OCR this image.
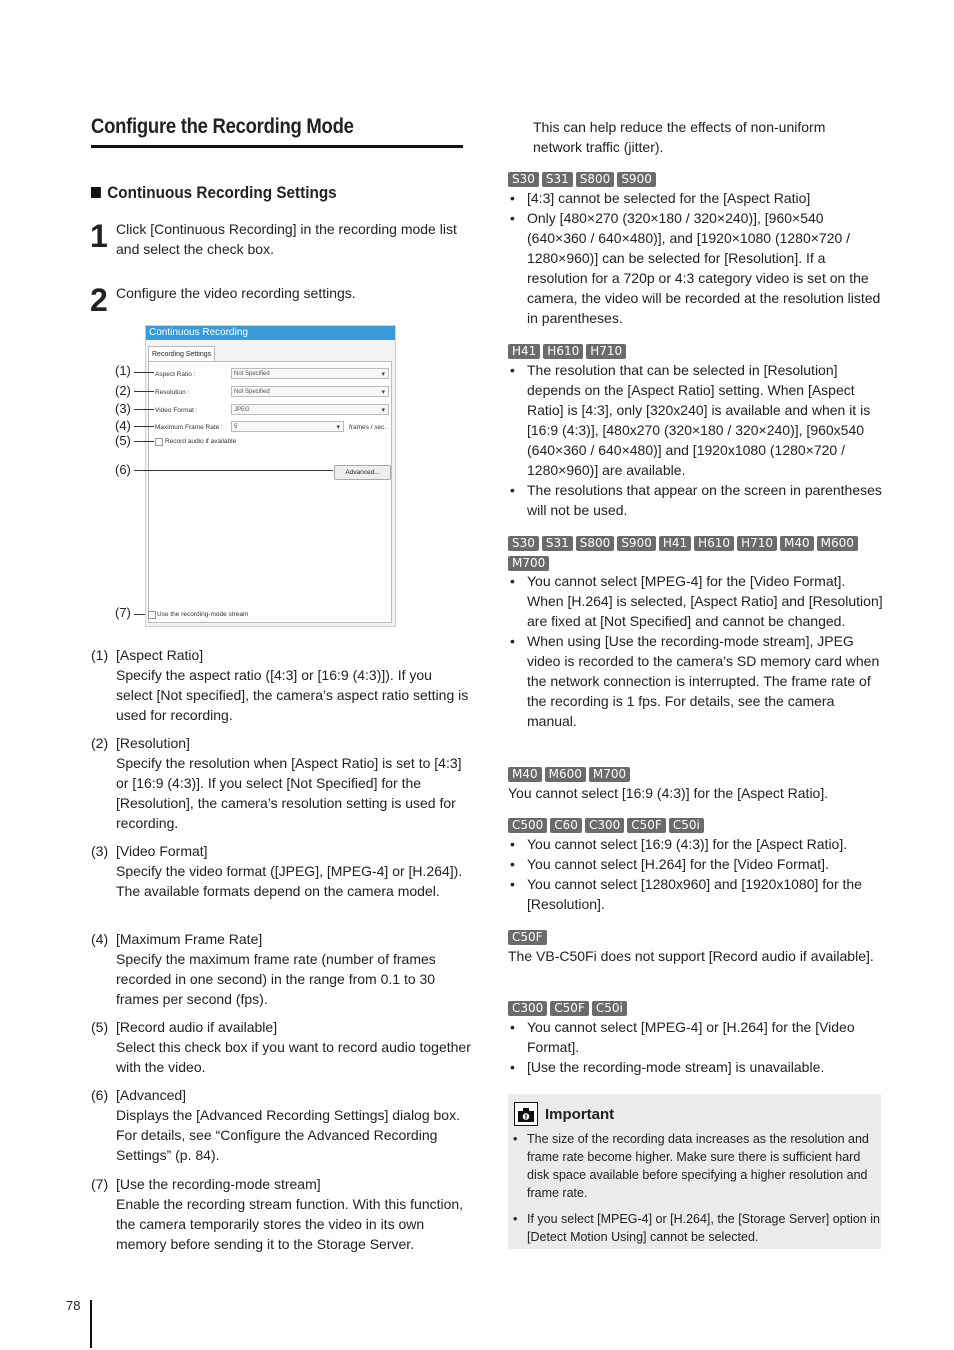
Configure the Recording Mode
Continuous Recording Settings
1 Click [Continuous Recording] in the recording mode list and select the check box.
2 Configure the video recording settings.
Continuous Recording
Recording Settings
Aspect Ratio :	Not Specified ▾
Resolution :	Not Specified ▾
Video Format :	JPEG ▾
Maximum Frame Rate :	5 ▾	frames / sec.
Record audio if available
Advanced...
Use the recording-mode stream
(1)
(2)
(3)
(4)
(5)
(6)
(7)
(1) [Aspect Ratio]
Specify the aspect ratio ([4:3] or [16:9 (4:3)]). If you select [Not specified], the camera’s aspect ratio setting is used for recording.
(2) [Resolution]
Specify the resolution when [Aspect Ratio] is set to [4:3] or [16:9 (4:3)]. If you select [Not Specified] for the [Resolution], the camera’s resolution setting is used for recording.
(3) [Video Format]
Specify the video format ([JPEG], [MPEG-4] or [H.264]). The available formats depend on the camera model.
(4) [Maximum Frame Rate]
Specify the maximum frame rate (number of frames recorded in one second) in the range from 0.1 to 30 frames per second (fps).
(5) [Record audio if available]
Select this check box if you want to record audio together with the video.
(6) [Advanced]
Displays the [Advanced Recording Settings] dialog box. For details, see “Configure the Advanced Recording Settings” (p. 84).
(7) [Use the recording-mode stream]
Enable the recording stream function. With this function, the camera temporarily stores the video in its own memory before sending it to the Storage Server.
This can help reduce the effects of non-uniform network traffic (jitter).
S30 S31 S800 S900
• [4:3] cannot be selected for the [Aspect Ratio]
• Only [480×270 (320×180 / 320×240)], [960×540 (640×360 / 640×480)], and [1920×1080 (1280×720 / 1280×960)] can be selected for [Resolution]. If a resolution for a 720p or 4:3 category video is set on the camera, the video will be recorded at the resolution listed in parentheses.
H41 H610 H710
• The resolution that can be selected in [Resolution] depends on the [Aspect Ratio] setting. When [Aspect Ratio] is [4:3], only [320x240] is available and when it is [16:9 (4:3)], [480x270 (320×180 / 320×240)], [960x540 (640×360 / 640×480)] and [1920x1080 (1280×720 / 1280×960)] are available.
• The resolutions that appear on the screen in parentheses will not be used.
S30 S31 S800 S900 H41 H610 H710 M40 M600
M700
• You cannot select [MPEG-4] for the [Video Format]. When [H.264] is selected, [Aspect Ratio] and [Resolution] are fixed at [Not Specified] and cannot be changed.
• When using [Use the recording-mode stream], JPEG video is recorded to the camera’s SD memory card when the network connection is interrupted. The frame rate of the recording is 1 fps. For details, see the camera manual.
M40 M600 M700
You cannot select [16:9 (4:3)] for the [Aspect Ratio].
C500 C60 C300 C50F C50i
• You cannot select [16:9 (4:3)] for the [Aspect Ratio].
• You cannot select [H.264] for the [Video Format].
• You cannot select [1280x960] and [1920x1080] for the [Resolution].
C50F
The VB-C50Fi does not support [Record audio if available].
C300 C50F C50i
• You cannot select [MPEG-4] or [H.264] for the [Video Format].
• [Use the recording-mode stream] is unavailable.
Important
• The size of the recording data increases as the resolution and frame rate become higher. Make sure there is sufficient hard disk space available before specifying a higher resolution and frame rate.
• If you select [MPEG-4] or [H.264], the [Storage Server] option in [Detect Motion Using] cannot be selected.
78
